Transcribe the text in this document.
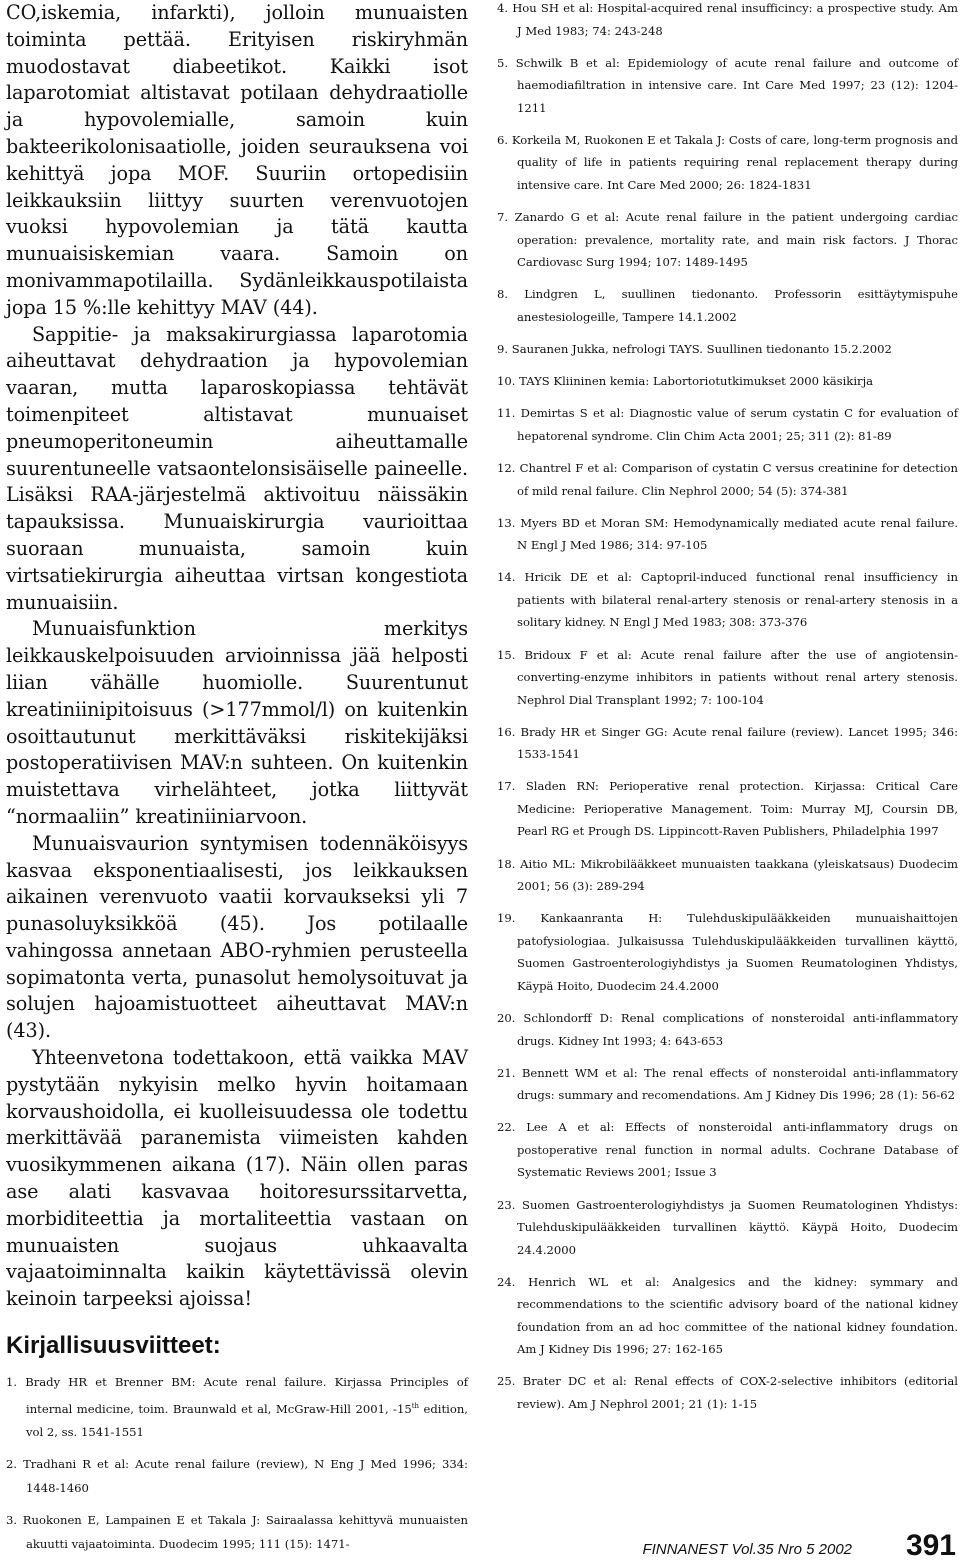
CO,iskemia, infarkti), jolloin munuaisten toiminta pettää. Erityisen riskiryhmän muodostavat diabeetikot. Kaikki isot laparotomiat altistavat potilaan dehydraatiolle ja hypovolemialle, samoin kuin bakteerikolonisaatiolle, joiden seurauksena voi kehittyä jopa MOF. Suuriin ortopedisiin leikkauksiin liittyy suurten verenvuotojen vuoksi hypovolemian ja tätä kautta munuaisiskemian vaara. Samoin on monivammapotilailla. Sydänleikkauspotilaista jopa 15 %:lle kehittyy MAV (44).

Sappitie- ja maksakirurgiassa laparotomia aiheuttavat dehydraation ja hypovolemian vaaran, mutta laparoskopiassa tehtävät toimenpiteet altistavat munuaiset pneumoperitoneumin aiheuttamalle suurentuneelle vatsaontelonsisäiselle paineelle. Lisäksi RAA-järjestelmä aktivoituu näissäkin tapauksissa. Munuaiskirurgia vaurioittaa suoraan munuaista, samoin kuin virtsatiekirurgia aiheuttaa virtsan kongestiota munuaisiin.

Munuaisfunktion merkitys leikkauskelpoisuuden arvioinnissa jää helposti liian vähälle huomiolle. Suurentunut kreatiniinipitoisuus (>177mmol/l) on kuitenkin osoittautunut merkittäväksi riskitekijäksi postoperatiivisen MAV:n suhteen. On kuitenkin muistettava virhelähteet, jotka liittyvät “normaaliin” kreatiniiniarvoon.

Munuaisvaurion syntymisen todennäköisyys kasvaa eksponentiaalisesti, jos leikkauksen aikainen verenvuoto vaatii korvaukseksi yli 7 punasoluyksikköä (45). Jos potilaalle vahingossa annetaan ABO-ryhmien perusteella sopimatonta verta, punasolut hemolysoituvat ja solujen hajoamistuotteet aiheuttavat MAV:n (43).

Yhteenvetona todettakoon, että vaikka MAV pystytään nykyisin melko hyvin hoitamaan korvaushoidolla, ei kuolleisuudessa ole todettu merkittävää paranemista viimeisten kahden vuosikymmenen aikana (17). Näin ollen paras ase alati kasvavaa hoitoresurssitarvetta, morbiditeettia ja mortaliteettia vastaan on munuaisten suojaus uhkaavalta vajaatoiminnalta kaikin käytettävissä olevin keinoin tarpeeksi ajoissa!

Kirjallisuusviitteet:
1. Brady HR et Brenner BM: Acute renal failure. Kirjassa Principles of internal medicine, toim. Braunwald et al, McGraw-Hill 2001, -15th edition, vol 2, ss. 1541-1551
2. Tradhani R et al: Acute renal failure (review), N Eng J Med 1996; 334: 1448-1460
3. Ruokonen E, Lampainen E et Takala J: Sairaalassa kehittyvä munuaisten akuutti vajaatoiminta. Duodecim 1995; 111 (15): 1471-
4. Hou SH et al: Hospital-acquired renal insufficincy: a prospective study. Am J Med 1983; 74: 243-248
5. Schwilk B et al: Epidemiology of acute renal failure and outcome of haemodiafiltration in intensive care. Int Care Med 1997; 23 (12): 1204-1211
6. Korkeila M, Ruokonen E et Takala J: Costs of care, long-term prognosis and quality of life in patients requiring renal replacement therapy during intensive care. Int Care Med 2000; 26: 1824-1831
7. Zanardo G et al: Acute renal failure in the patient undergoing cardiac operation: prevalence, mortality rate, and main risk factors. J Thorac Cardiovasc Surg 1994; 107: 1489-1495
8. Lindgren L, suullinen tiedonanto. Professorin esittäytymispuhe anestesiologeille, Tampere 14.1.2002
9. Sauranen Jukka, nefrologi TAYS. Suullinen tiedonanto 15.2.2002
10. TAYS Kliininen kemia: Labortoriotutkimukset 2000 käsikirja
11. Demirtas S et al: Diagnostic value of serum cystatin C for evaluation of hepatorenal syndrome. Clin Chim Acta 2001; 25; 311 (2): 81-89
12. Chantrel F et al: Comparison of cystatin C versus creatinine for detection of mild renal failure. Clin Nephrol 2000; 54 (5): 374-381
13. Myers BD et Moran SM: Hemodynamically mediated acute renal failure. N Engl J Med 1986; 314: 97-105
14. Hricik DE et al: Captopril-induced functional renal insufficiency in patients with bilateral renal-artery stenosis or renal-artery stenosis in a solitary kidney. N Engl J Med 1983; 308: 373-376
15. Bridoux F et al: Acute renal failure after the use of angiotensin-converting-enzyme inhibitors in patients without renal artery stenosis. Nephrol Dial Transplant 1992; 7: 100-104
16. Brady HR et Singer GG: Acute renal failure (review). Lancet 1995; 346: 1533-1541
17. Sladen RN: Perioperative renal protection. Kirjassa: Critical Care Medicine: Perioperative Management. Toim: Murray MJ, Coursin DB, Pearl RG et Prough DS. Lippincott-Raven Publishers, Philadelphia 1997
18. Aitio ML: Mikrobilääkkeet munuaisten taakkana (yleiskatsaus) Duodecim 2001; 56 (3): 289-294
19. Kankaanranta H: Tulehduskipulääkkeiden munuaishaittojen patofysiologiaa. Julkaisussa Tulehduskipulääkkeiden turvallinen käyttö, Suomen Gastroenterologiyhdistys ja Suomen Reumatologinen Yhdistys, Käypä Hoito, Duodecim 24.4.2000
20. Schlondorff D: Renal complications of nonsteroidal anti-inflammatory drugs. Kidney Int 1993; 4: 643-653
21. Bennett WM et al: The renal effects of nonsteroidal anti-inflammatory drugs: summary and recomendations. Am J Kidney Dis 1996; 28 (1): 56-62
22. Lee A et al: Effects of nonsteroidal anti-inflammatory drugs on postoperative renal function in normal adults. Cochrane Database of Systematic Reviews 2001; Issue 3
23. Suomen Gastroenterologiyhdistys ja Suomen Reumatologinen Yhdistys: Tulehduskipulääkkeiden turvallinen käyttö. Käypä Hoito, Duodecim 24.4.2000
24. Henrich WL et al: Analgesics and the kidney: symmary and recommendations to the scientific advisory board of the national kidney foundation from an ad hoc committee of the national kidney foundation. Am J Kidney Dis 1996; 27: 162-165
25. Brater DC et al: Renal effects of COX-2-selective inhibitors (editorial review). Am J Nephrol 2001; 21 (1): 1-15
FINNANEST Vol.35 Nro 5 2002 391
